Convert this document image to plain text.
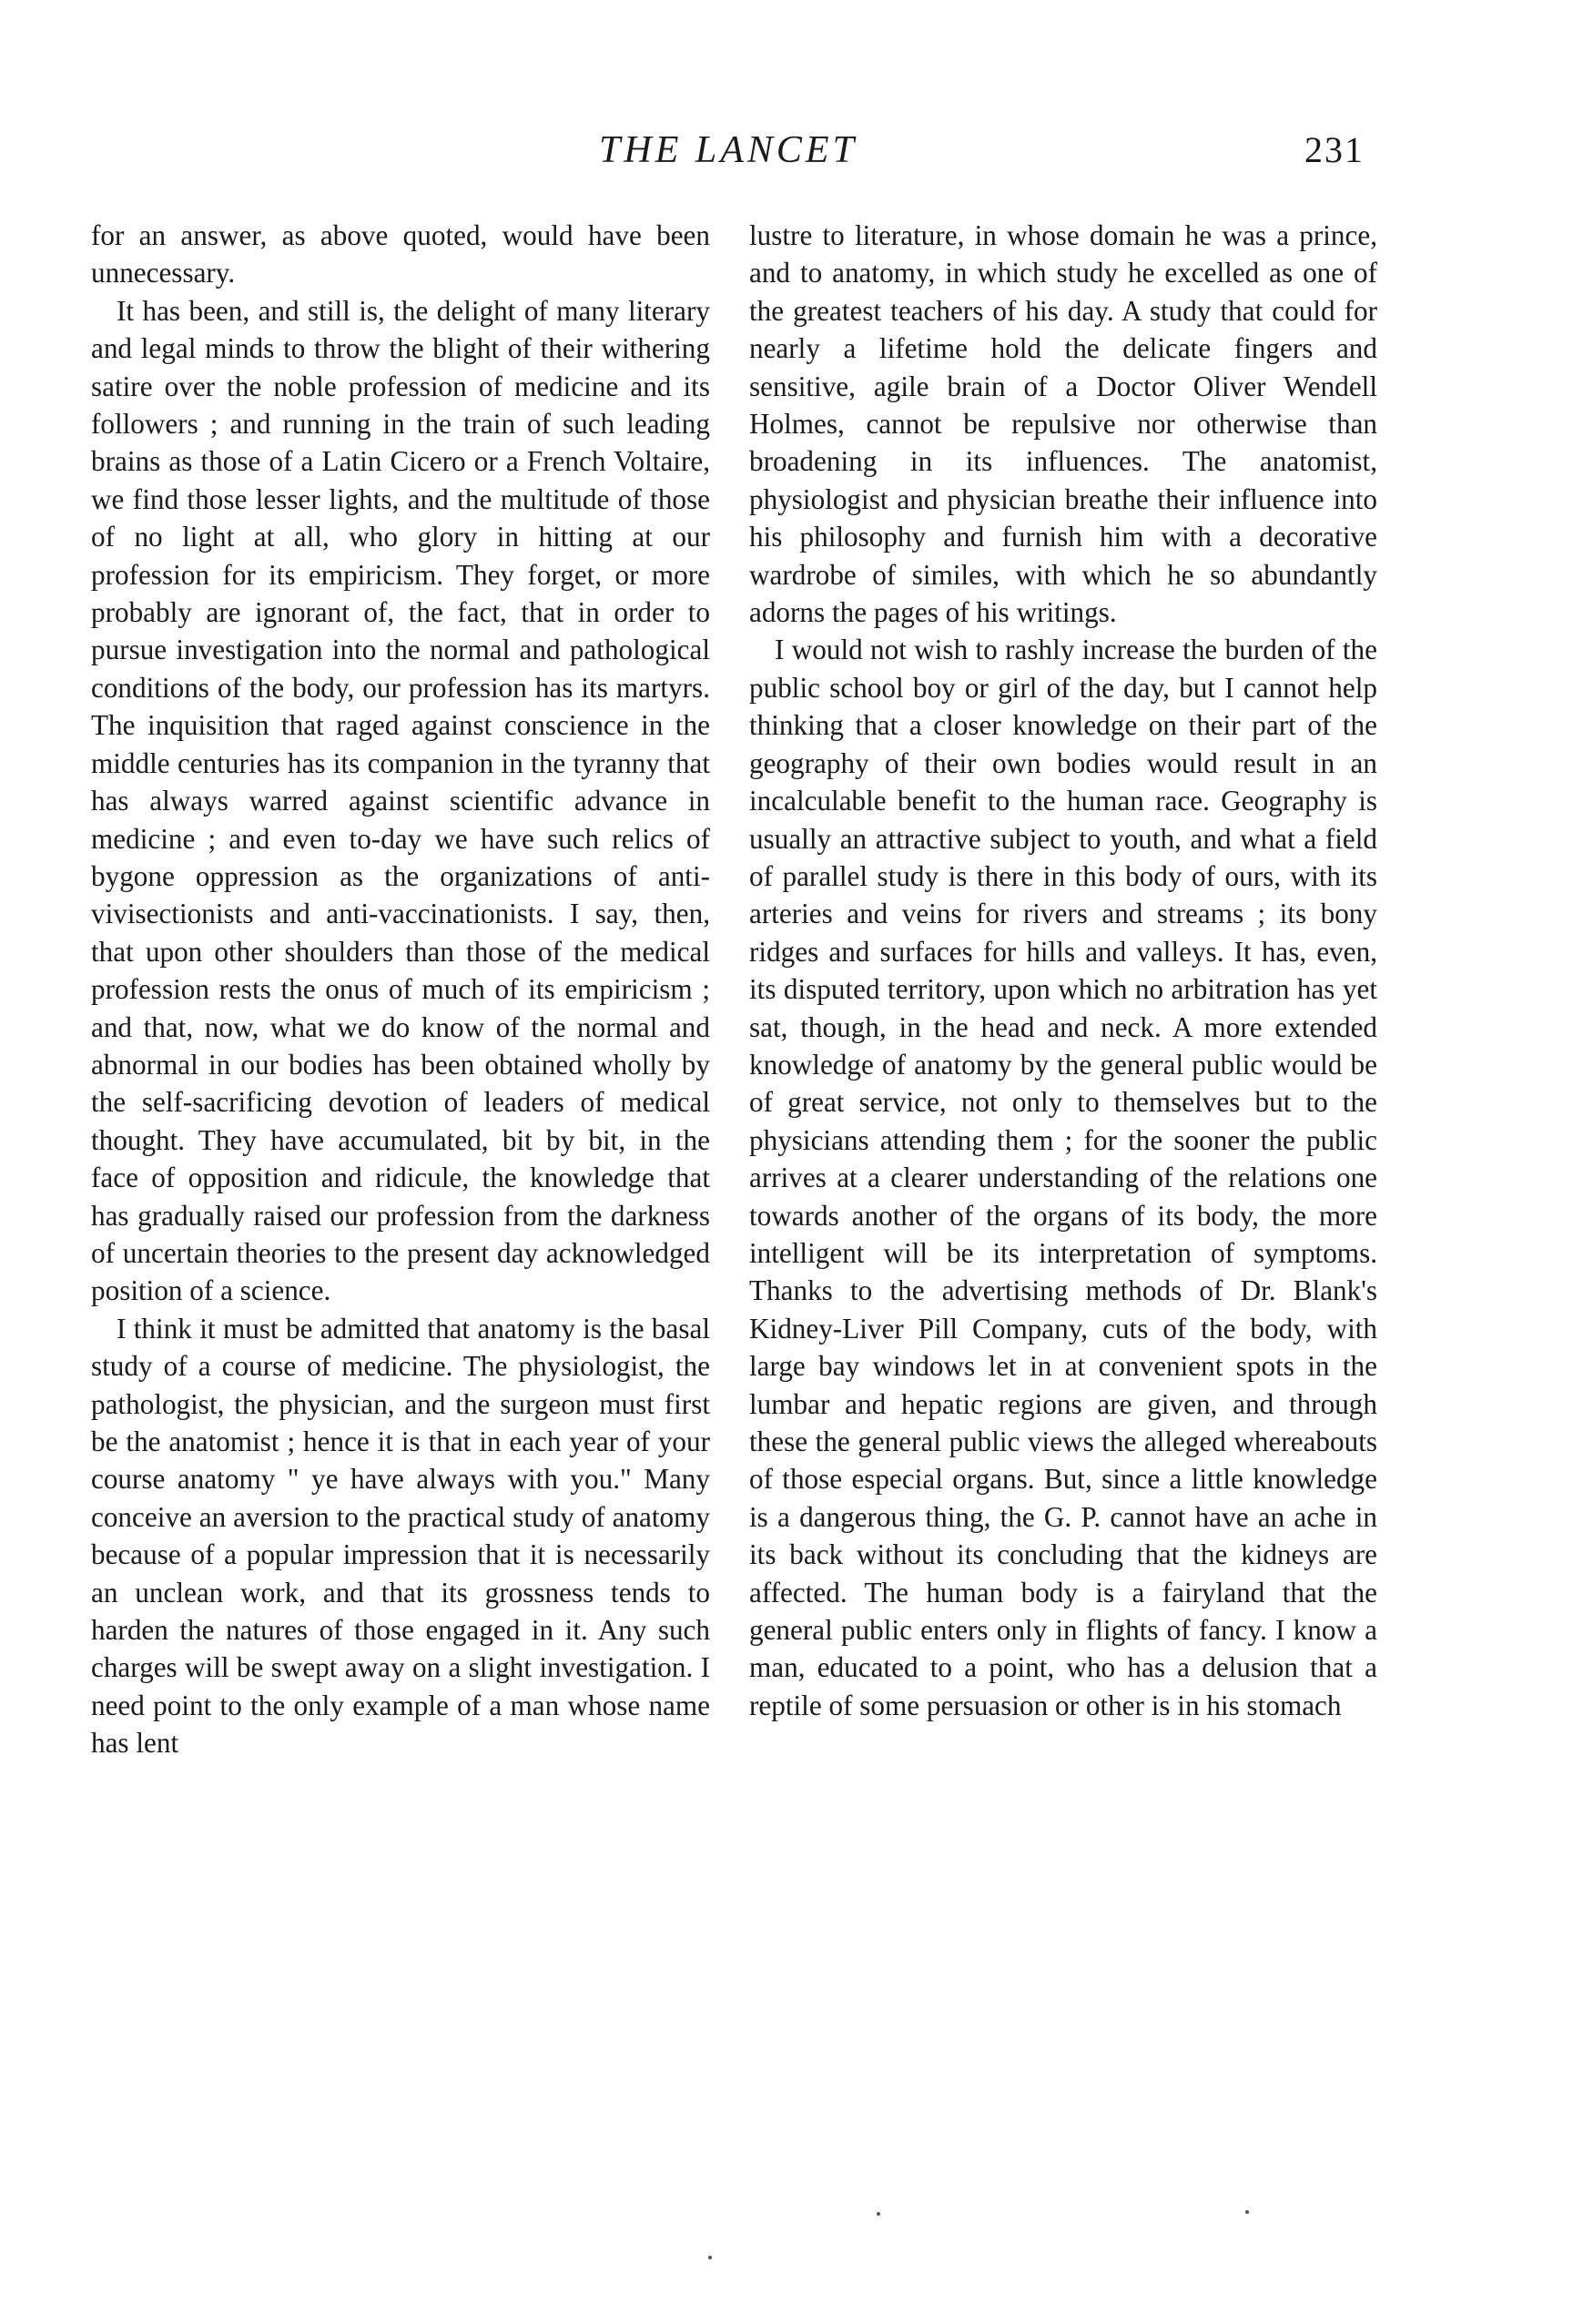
THE LANCET	231

for an answer, as above quoted, would have been unnecessary.

It has been, and still is, the delight of many literary and legal minds to throw the blight of their withering satire over the noble profession of medicine and its followers ; and running in the train of such leading brains as those of a Latin Cicero or a French Voltaire, we find those lesser lights, and the multitude of those of no light at all, who glory in hitting at our profession for its empiricism. They forget, or more probably are ignorant of, the fact, that in order to pursue investigation into the normal and pathological conditions of the body, our profession has its martyrs. The inquisition that raged against conscience in the middle centuries has its companion in the tyranny that has always warred against scientific advance in medicine ; and even to-day we have such relics of bygone oppression as the organizations of anti-vivisectionists and anti-vaccinationists. I say, then, that upon other shoulders than those of the medical profession rests the onus of much of its empiricism ; and that, now, what we do know of the normal and abnormal in our bodies has been obtained wholly by the self-sacrificing devotion of leaders of medical thought. They have accumulated, bit by bit, in the face of opposition and ridicule, the knowledge that has gradually raised our profession from the darkness of uncertain theories to the present day acknowledged position of a science.

I think it must be admitted that anatomy is the basal study of a course of medicine. The physiologist, the pathologist, the physician, and the surgeon must first be the anatomist ; hence it is that in each year of your course anatomy " ye have always with you." Many conceive an aversion to the practical study of anatomy because of a popular impression that it is necessarily an unclean work, and that its grossness tends to harden the natures of those engaged in it. Any such charges will be swept away on a slight investigation. I need point to the only example of a man whose name has lent

lustre to literature, in whose domain he was a prince, and to anatomy, in which study he excelled as one of the greatest teachers of his day. A study that could for nearly a lifetime hold the delicate fingers and sensitive, agile brain of a Doctor Oliver Wendell Holmes, cannot be repulsive nor otherwise than broadening in its influences. The anatomist, physiologist and physician breathe their influence into his philosophy and furnish him with a decorative wardrobe of similes, with which he so abundantly adorns the pages of his writings.

I would not wish to rashly increase the burden of the public school boy or girl of the day, but I cannot help thinking that a closer knowledge on their part of the geography of their own bodies would result in an incalculable benefit to the human race. Geography is usually an attractive subject to youth, and what a field of parallel study is there in this body of ours, with its arteries and veins for rivers and streams ; its bony ridges and surfaces for hills and valleys. It has, even, its disputed territory, upon which no arbitration has yet sat, though, in the head and neck. A more extended knowledge of anatomy by the general public would be of great service, not only to themselves but to the physicians attending them ; for the sooner the public arrives at a clearer understanding of the relations one towards another of the organs of its body, the more intelligent will be its interpretation of symptoms. Thanks to the advertising methods of Dr. Blank's Kidney-Liver Pill Company, cuts of the body, with large bay windows let in at convenient spots in the lumbar and hepatic regions are given, and through these the general public views the alleged whereabouts of those especial organs. But, since a little knowledge is a dangerous thing, the G. P. cannot have an ache in its back without its concluding that the kidneys are affected. The human body is a fairyland that the general public enters only in flights of fancy. I know a man, educated to a point, who has a delusion that a reptile of some persuasion or other is in his stomach
